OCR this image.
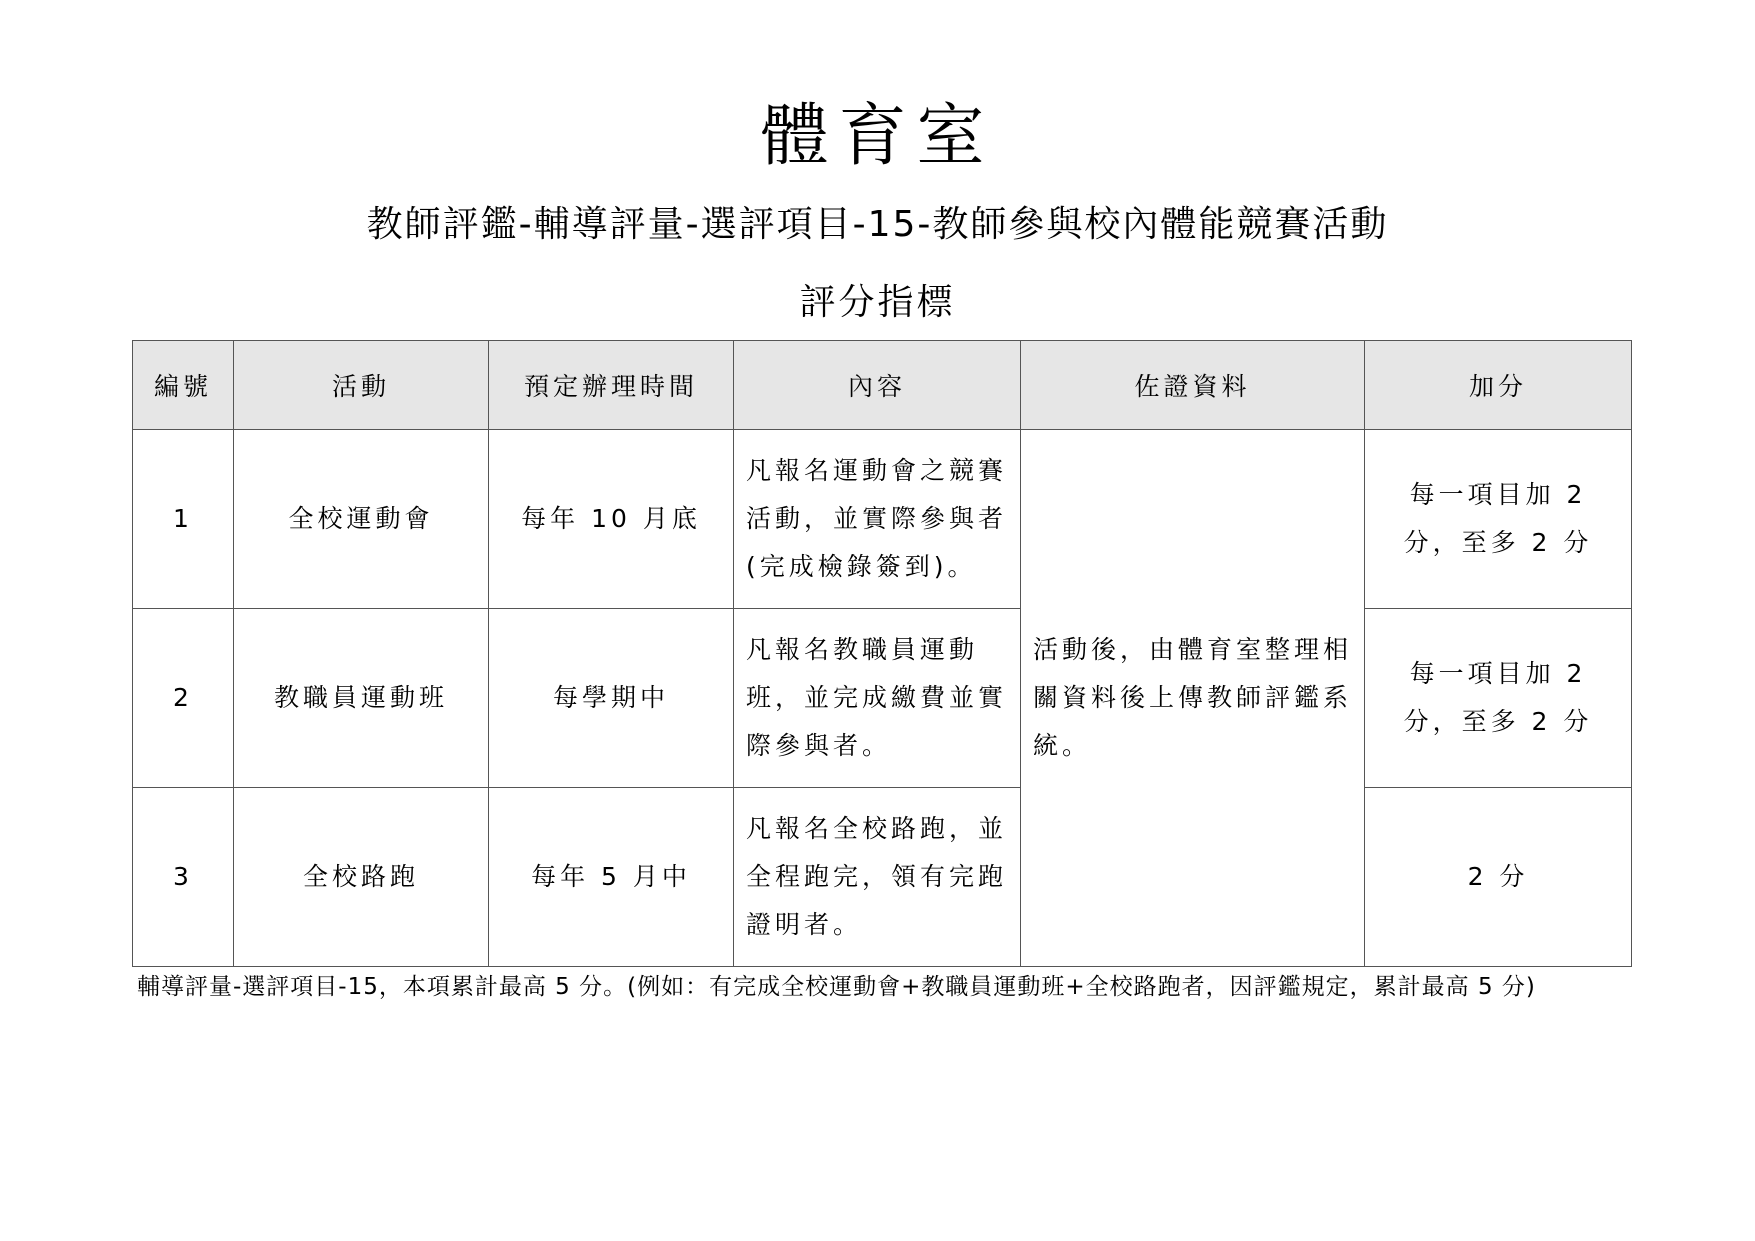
體育室
教師評鑑-輔導評量-選評項目-15-教師參與校內體能競賽活動
評分指標
編號	活動	預定辦理時間	內容	佐證資料	加分
1	全校運動會	每年 10 月底	凡報名運動會之競賽活動，並實際參與者(完成檢錄簽到)。	活動後，由體育室整理相關資料後上傳教師評鑑系統。	每一項目加 2 分，至多 2 分
2	教職員運動班	每學期中	凡報名教職員運動班，並完成繳費並實際參與者。		每一項目加 2 分，至多 2 分
3	全校路跑	每年 5 月中	凡報名全校路跑，並全程跑完，領有完跑證明者。		2 分
輔導評量-選評項目-15，本項累計最高 5 分。(例如：有完成全校運動會+教職員運動班+全校路跑者，因評鑑規定，累計最高 5 分)
